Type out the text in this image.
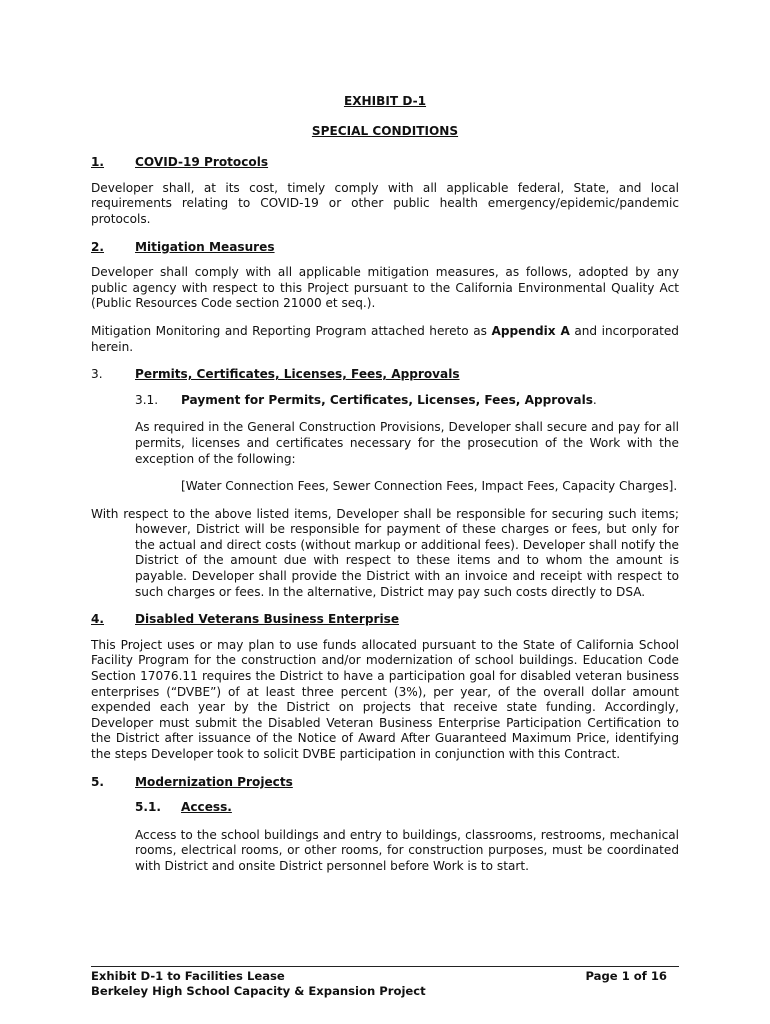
EXHIBIT D-1
SPECIAL CONDITIONS
1.	COVID-19 Protocols

Developer shall, at its cost, timely comply with all applicable federal, State, and local requirements relating to COVID-19 or other public health emergency/epidemic/pandemic protocols.

2.	Mitigation Measures

Developer shall comply with all applicable mitigation measures, as follows, adopted by any public agency with respect to this Project pursuant to the California Environmental Quality Act (Public Resources Code section 21000 et seq.).

Mitigation Monitoring and Reporting Program attached hereto as Appendix A and incorporated herein.

3.	Permits, Certificates, Licenses, Fees, Approvals
3.1.	Payment for Permits, Certificates, Licenses, Fees, Approvals.

As required in the General Construction Provisions, Developer shall secure and pay for all permits, licenses and certificates necessary for the prosecution of the Work with the exception of the following:

[Water Connection Fees, Sewer Connection Fees, Impact Fees, Capacity Charges].

With respect to the above listed items, Developer shall be responsible for securing such items; however, District will be responsible for payment of these charges or fees, but only for the actual and direct costs (without markup or additional fees). Developer shall notify the District of the amount due with respect to these items and to whom the amount is payable. Developer shall provide the District with an invoice and receipt with respect to such charges or fees. In the alternative, District may pay such costs directly to DSA.

4.	Disabled Veterans Business Enterprise

This Project uses or may plan to use funds allocated pursuant to the State of California School Facility Program for the construction and/or modernization of school buildings. Education Code Section 17076.11 requires the District to have a participation goal for disabled veteran business enterprises (“DVBE”) of at least three percent (3%), per year, of the overall dollar amount expended each year by the District on projects that receive state funding. Accordingly, Developer must submit the Disabled Veteran Business Enterprise Participation Certification to the District after issuance of the Notice of Award After Guaranteed Maximum Price, identifying the steps Developer took to solicit DVBE participation in conjunction with this Contract.

5.	Modernization Projects
5.1.	Access.

Access to the school buildings and entry to buildings, classrooms, restrooms, mechanical rooms, electrical rooms, or other rooms, for construction purposes, must be coordinated with District and onsite District personnel before Work is to start.

Exhibit D-1 to Facilities Lease	Page 1 of 16
Berkeley High School Capacity & Expansion Project
